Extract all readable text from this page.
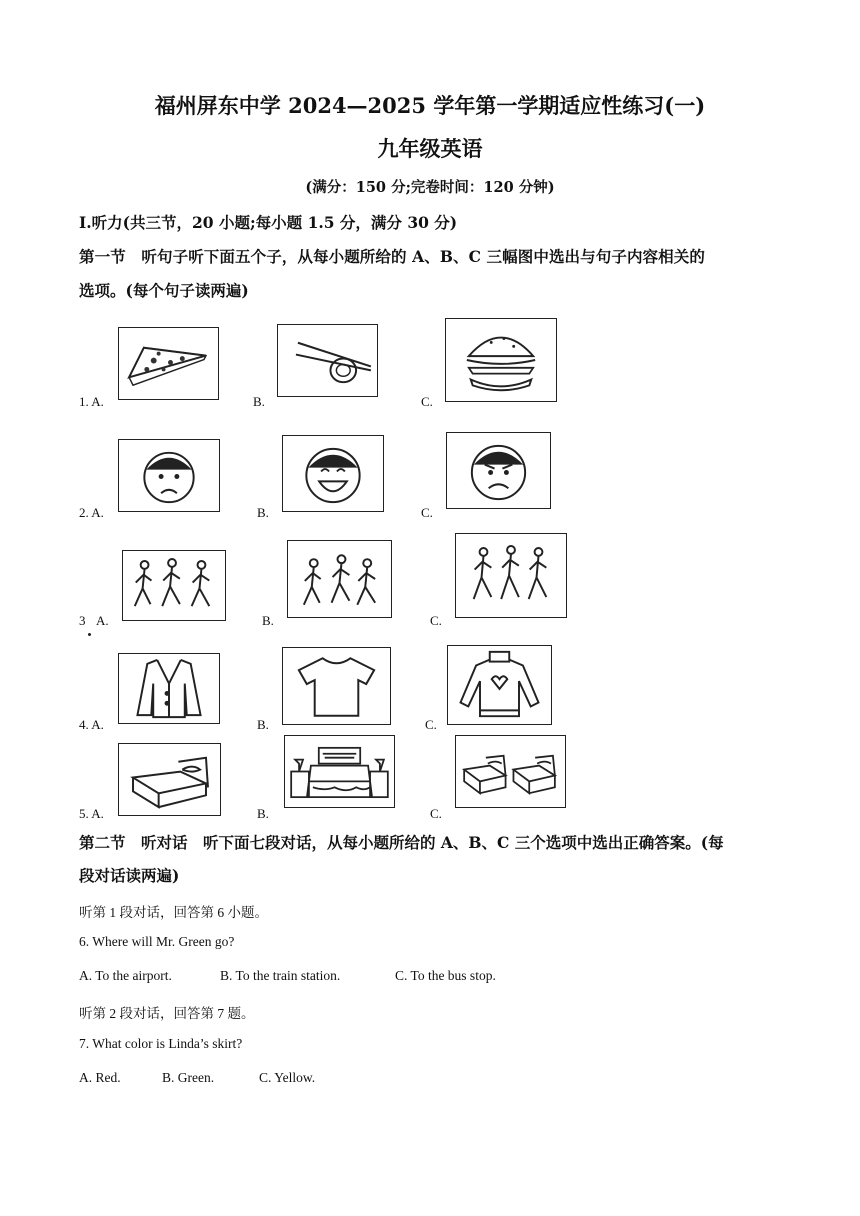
福州屏东中学 2024—2025 学年第一学期适应性练习(一)
九年级英语
(满分：150 分;完卷时间：120 分钟)
Ⅰ.听力(共三节，20 小题;每小题 1.5 分，满分 30 分)
第一节　听句子听下面五个子，从每小题所给的 A、B、C 三幅图中选出与句子内容相关的
选项。(每个句子读两遍)
1. A.	B.	C.
2. A.	B.	C.
3 A.	B.	C.
4. A.	B.	C.
5. A.	B.	C.
第二节　听对话　听下面七段对话，从每小题所给的 A、B、C 三个选项中选出正确答案。(每
段对话读两遍)
听第 1 段对话，回答第 6 小题。
6. Where will Mr. Green go?
A. To the airport.	B. To the train station.	C. To the bus stop.
听第 2 段对话，回答第 7 题。
7. What color is Linda’s skirt?
A. Red.	B. Green.	C. Yellow.
